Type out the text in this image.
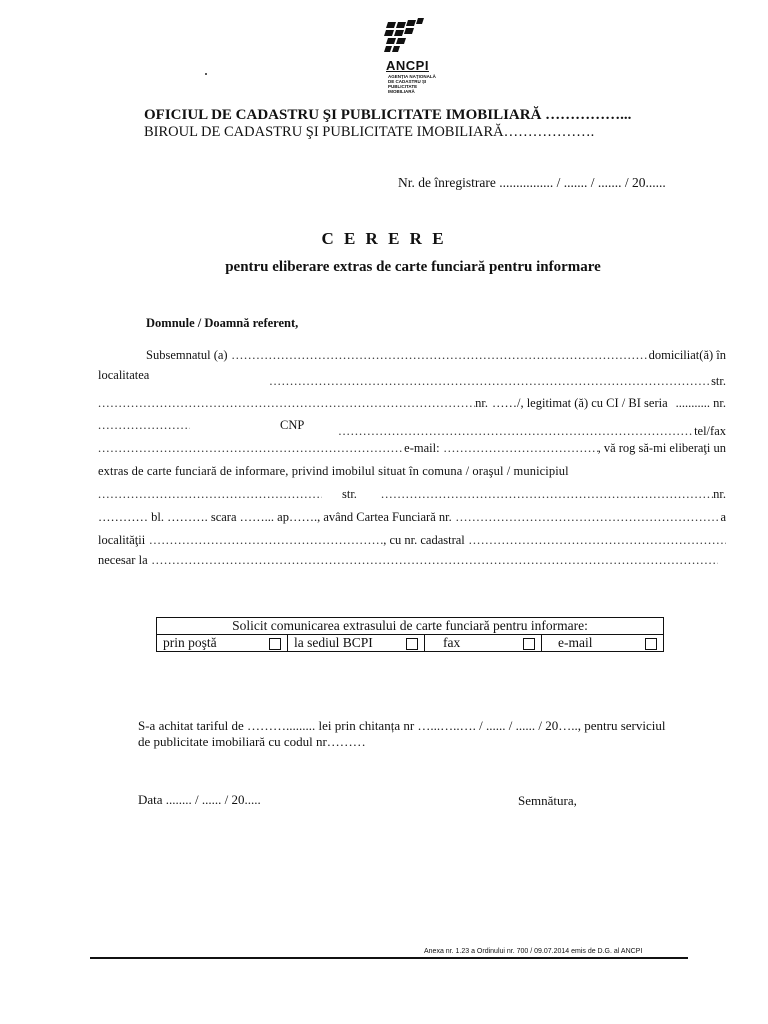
ANCPI
AGENȚIA NAȚIONALĂ DE CADASTRU ȘI PUBLICITATE IMOBILIARĂ
OFICIUL DE CADASTRU ŞI PUBLICITATE IMOBILIARĂ ……………...
BIROUL DE CADASTRU ŞI PUBLICITATE IMOBILIARĂ……………….
Nr. de înregistrare ................ / ....... / ....... / 20......
C E R E R E
pentru eliberare extras de carte funciară pentru informare
Domnule / Doamnă referent,
Subsemnatul (a) .....	domiciliat(ă) în
localitatea .....	str.
.....
nr. ……/, legitimat (ă) cu CI / BI seria ........... nr.
.....
CNP .....	tel/fax
.....
e-mail: .....	, vă rog să-mi eliberaţi un
extras de carte funciară de informare, privind imobilul situat în comuna / oraşul / municipiul
.....
str. .....	nr.
………… bl. ………. scara ……... ap……., având Cartea Funciară nr. .....	a
localităţii .....	, cu nr. cadastral
.....
necesar la
.....
Solicit comunicarea extrasului de carte funciară pentru informare:
prin poştă	la sediul BCPI	fax	e-mail
S-a achitat tariful de ………......... lei prin chitanța nr …...…..…. / ...... / ...... / 20….., pentru serviciul
de publicitate imobiliară cu codul nr………
Data ........ / ...... / 20.....	Semnătura,
Anexa nr. 1.23 a Ordinului nr. 700 / 09.07.2014 emis de D.G. al ANCPI
